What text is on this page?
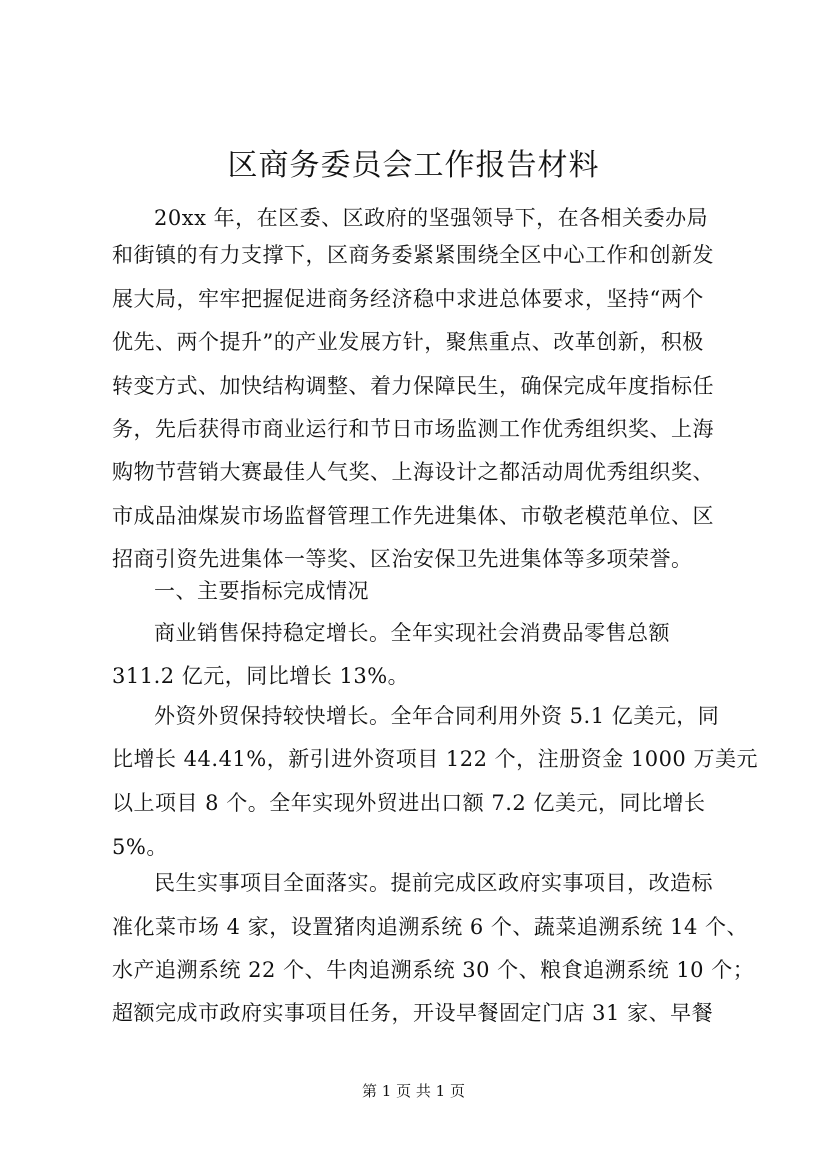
区商务委员会工作报告材料

20xx 年，在区委、区政府的坚强领导下，在各相关委办局

和街镇的有力支撑下，区商务委紧紧围绕全区中心工作和创新发

展大局，牢牢把握促进商务经济稳中求进总体要求，坚持“两个

优先、两个提升”的产业发展方针，聚焦重点、改革创新，积极

转变方式、加快结构调整、着力保障民生，确保完成年度指标任

务，先后获得市商业运行和节日市场监测工作优秀组织奖、上海

购物节营销大赛最佳人气奖、上海设计之都活动周优秀组织奖、

市成品油煤炭市场监督管理工作先进集体、市敬老模范单位、区

招商引资先进集体一等奖、区治安保卫先进集体等多项荣誉。

一、主要指标完成情况

商业销售保持稳定增长。全年实现社会消费品零售总额

311.2 亿元，同比增长 13%。

外资外贸保持较快增长。全年合同利用外资 5.1 亿美元，同

比增长 44.41%，新引进外资项目 122 个，注册资金 1000 万美元

以上项目 8 个。全年实现外贸进出口额 7.2 亿美元，同比增长

5%。

民生实事项目全面落实。提前完成区政府实事项目，改造标

准化菜市场 4 家，设置猪肉追溯系统 6 个、蔬菜追溯系统 14 个、

水产追溯系统 22 个、牛肉追溯系统 30 个、粮食追溯系统 10 个；

超额完成市政府实事项目任务，开设早餐固定门店 31 家、早餐

第 1 页 共 1 页
